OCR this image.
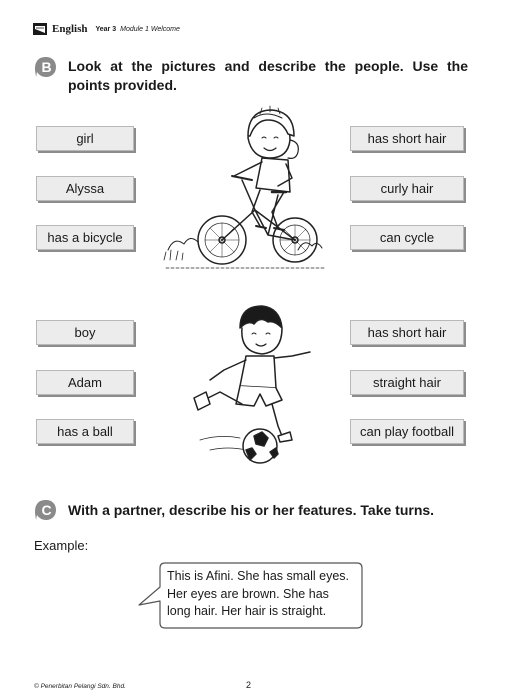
English Year 3 Module 1 Welcome
B Look at the pictures and describe the people. Use the points provided.
girl
Alyssa
has a bicycle
has short hair
curly hair
can cycle
boy
Adam
has a ball
has short hair
straight hair
can play football
C With a partner, describe his or her features. Take turns.
Example:
This is Afini. She has small eyes.
Her eyes are brown. She has
long hair. Her hair is straight.
© Penerbitan Pelangi Sdn. Bhd.	2
